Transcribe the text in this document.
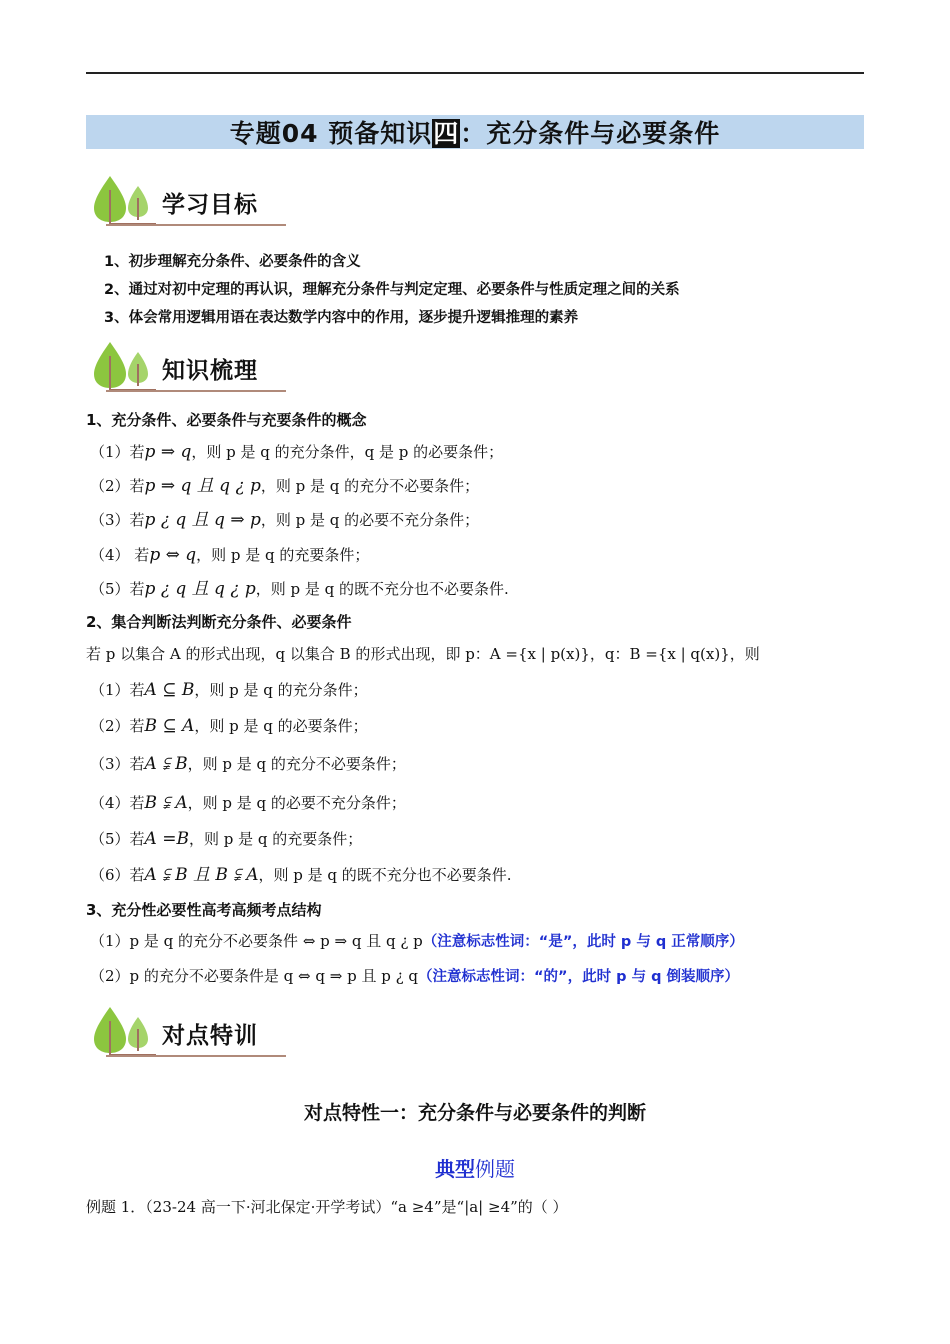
专题04 预备知识四：充分条件与必要条件
学习目标
1、初步理解充分条件、必要条件的含义
2、通过对初中定理的再认识，理解充分条件与判定定理、必要条件与性质定理之间的关系
3、体会常用逻辑用语在表达数学内容中的作用，逐步提升逻辑推理的素养
知识梳理
1、充分条件、必要条件与充要条件的概念
（1）若p ⇒ q，则 p 是 q 的充分条件，q 是 p 的必要条件；
（2）若p ⇒ q 且 q ¿ p，则 p 是 q 的充分不必要条件；
（3）若p ¿ q 且 q ⇒ p，则 p 是 q 的必要不充分条件；
（4） 若p ⇔ q，则 p 是 q 的充要条件；
（5）若p ¿ q 且 q ¿ p，则 p 是 q 的既不充分也不必要条件.
2、集合判断法判断充分条件、必要条件
若 p 以集合 A 的形式出现，q 以集合 B 的形式出现，即 p：A ={x | p(x)}，q：B ={x | q(x)}，则
（1）若A ⊆ B，则 p 是 q 的充分条件；
（2）若B ⊆ A，则 p 是 q 的必要条件；
（3）若A ⫋ B，则 p 是 q 的充分不必要条件；
（4）若B ⫋ A，则 p 是 q 的必要不充分条件；
（5）若A =B，则 p 是 q 的充要条件；
（6）若A ⫋ B 且 B ⫋ A，则 p 是 q 的既不充分也不必要条件.
3、充分性必要性高考高频考点结构
（1）p 是 q 的充分不必要条件 ⇔ p ⇒ q 且 q ¿ p（注意标志性词：“是”，此时 p 与 q 正常顺序）
（2）p 的充分不必要条件是 q ⇔ q ⇒ p 且 p ¿ q（注意标志性词：“的”，此时 p 与 q 倒装顺序）
对点特训
对点特性一：充分条件与必要条件的判断
典型例题
例题 1．（23-24 高一下·河北保定·开学考试）“a ≥4”是“|a| ≥4”的（ ）
